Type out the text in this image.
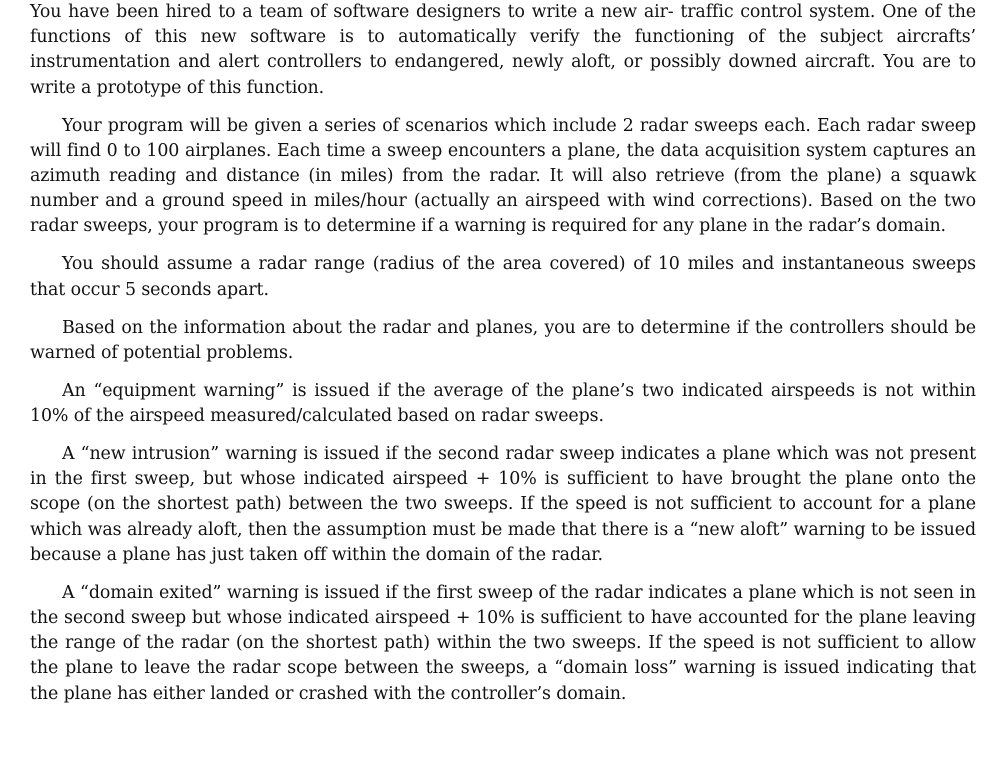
You have been hired to a team of software designers to write a new air- traffic control system. One of the functions of this new software is to automatically verify the functioning of the subject aircrafts’ instrumentation and alert controllers to endangered, newly aloft, or possibly downed aircraft. You are to write a prototype of this function.

Your program will be given a series of scenarios which include 2 radar sweeps each. Each radar sweep will find 0 to 100 airplanes. Each time a sweep encounters a plane, the data acquisition system captures an azimuth reading and distance (in miles) from the radar. It will also retrieve (from the plane) a squawk number and a ground speed in miles/hour (actually an airspeed with wind corrections). Based on the two radar sweeps, your program is to determine if a warning is required for any plane in the radar’s domain.

You should assume a radar range (radius of the area covered) of 10 miles and instantaneous sweeps that occur 5 seconds apart.

Based on the information about the radar and planes, you are to determine if the controllers should be warned of potential problems.

An “equipment warning” is issued if the average of the plane’s two indicated airspeeds is not within 10% of the airspeed measured/calculated based on radar sweeps.

A “new intrusion” warning is issued if the second radar sweep indicates a plane which was not present in the first sweep, but whose indicated airspeed + 10% is sufficient to have brought the plane onto the scope (on the shortest path) between the two sweeps. If the speed is not sufficient to account for a plane which was already aloft, then the assumption must be made that there is a “new aloft” warning to be issued because a plane has just taken off within the domain of the radar.

A “domain exited” warning is issued if the first sweep of the radar indicates a plane which is not seen in the second sweep but whose indicated airspeed + 10% is sufficient to have accounted for the plane leaving the range of the radar (on the shortest path) within the two sweeps. If the speed is not sufficient to allow the plane to leave the radar scope between the sweeps, a “domain loss” warning is issued indicating that the plane has either landed or crashed with the controller’s domain.
